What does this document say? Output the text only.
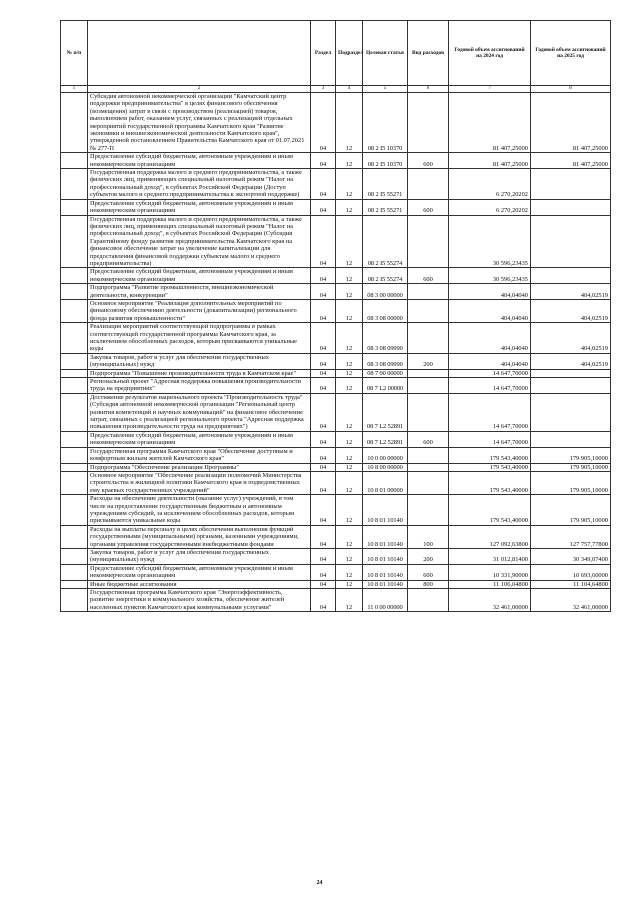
№ п/п		Раздел	Подраздел	Целевая статья	Вид расходов	Годовой объем ассигнований на 2024 год	Годовой объем ассигнований на 2025 год
1	2	3	4	5	6	7	8
	Субсидия автономной некоммерческой организации "Камчатский центр поддержки предпринимательства" в целях финансового обеспечения (возмещения) затрат в связи с производством (реализацией) товаров, выполнением работ, оказанием услуг, связанных с реализацией отдельных мероприятий государственной программы Камчатского края "Развитие экономики и внешнеэкономической деятельности Камчатского края", утвержденной постановлением Правительства Камчатского края от 01.07.2021 № 277-П	04	12	08 2 I5 10370		81 407,25000	81 407,25000
	Предоставление субсидий бюджетным, автономным учреждениям и иным некоммерческим организациям	04	12	08 2 I5 10370	600	81 407,25000	81 407,25000
	Государственная поддержка малого и среднего предпринимательства, а также физических лиц, применяющих специальный налоговый режим "Налог на профессиональный доход", в субъектах Российской Федерации (Доступ субъектов малого и среднего предпринимательства к экспортной поддержке)	04	12	08 2 I5 55271		6 270,20202	
	Предоставление субсидий бюджетным, автономным учреждениям и иным некоммерческим организациям	04	12	08 2 I5 55271	600	6 270,20202	
	Государственная поддержка малого и среднего предпринимательства, а также физических лиц, применяющих специальный налоговый режим "Налог на профессиональный доход", в субъектах Российской Федерации (Субсидия Гарантийному фонду развития предпринимательства Камчатского края на финансовое обеспечение затрат на увеличение капитализации для предоставления финансовой поддержки субъектам малого и среднего предпринимательства)	04	12	08 2 I5 55274		30 596,23435	
	Предоставление субсидий бюджетным, автономным учреждениям и иным некоммерческим организациям	04	12	08 2 I5 55274	600	30 596,23435	
	Подпрограмма "Развитие промышленности, внешнеэкономической деятельности, конкуренции"	04	12	08 3 00 00000		404,04040	404,02519
	Основное мероприятие "Реализация дополнительных мероприятий по финансовому обеспечению деятельности (докапитализации) регионального фонда развития промышленности"	04	12	08 3 08 00000		404,04040	404,02519
	Реализация мероприятий соответствующей подпрограммы в рамках соответствующей государственной программы Камчатского края, за исключением обособленных расходов, которым присваиваются уникальные коды	04	12	08 3 08 09990		404,04040	404,02519
	Закупка товаров, работ и услуг для обеспечения государственных (муниципальных) нужд	04	12	08 3 08 09990	200	404,04040	404,02519
	Подпрограмма "Повышение производительности труда в Камчатском крае"	04	12	08 7 00 00000		14 647,70000	
	Региональный проект "Адресная поддержка повышения производительности труда на предприятиях"	04	12	08 7 L2 00000		14 647,70000	
	Достижение результатов национального проекта "Производительность труда" (Субсидия автономной некоммерческой организации "Региональный центр развития компетенций и научных коммуникаций" на финансовое обеспечение затрат, связанных с реализацией регионального проекта "Адресная поддержка повышения производительности труда на предприятиях")	04	12	08 7 L2 52891		14 647,70000	
	Предоставление субсидий бюджетным, автономным учреждениям и иным некоммерческим организациям	04	12	08 7 L2 52891	600	14 647,70000	
	Государственная программа Камчатского края "Обеспечение доступным и комфортным жильем жителей Камчатского края"	04	12	10 0 00 00000		179 543,40000	179 905,10000
	Подпрограмма "Обеспечение реализации Программы"	04	12	10 8 00 00000		179 543,40000	179 905,10000
	Основное мероприятие "Обеспечение реализации полномочий Министерства строительства и жилищной политики Камчатского края и подведомственных ему краевых государственных учреждений"	04	12	10 8 01 00000		179 543,40000	179 905,10000
	Расходы на обеспечение деятельности (оказание услуг) учреждений, в том числе на предоставление государственным бюджетным и автономным учреждениям субсидий, за исключением обособленных расходов, которым присваиваются уникальные коды	04	12	10 8 01 10140		179 543,40000	179 905,10000
	Расходы на выплаты персоналу в целях обеспечения выполнения функций государственными (муниципальными) органами, казенными учреждениями, органами управления государственными внебюджетными фондами	04	12	10 8 01 10140	100	127 092,63800	127 757,77800
	Закупка товаров, работ и услуг для обеспечения государственных (муниципальных) нужд	04	12	10 8 01 10140	200	31 012,81400	30 349,07400
	Предоставление субсидий бюджетным, автономным учреждениям и иным некоммерческим организациям	04	12	10 8 01 10140	600	10 331,90000	10 693,60000
	Иные бюджетные ассигнования	04	12	10 8 01 10140	800	11 106,04800	11 104,64800
	Государственная программа Камчатского края "Энергоэффективность, развитие энергетики и коммунального хозяйства, обеспечение жителей населенных пунктов Камчатского края коммунальными услугами"	04	12	11 0 00 00000		32 461,00000	32 461,00000
24
